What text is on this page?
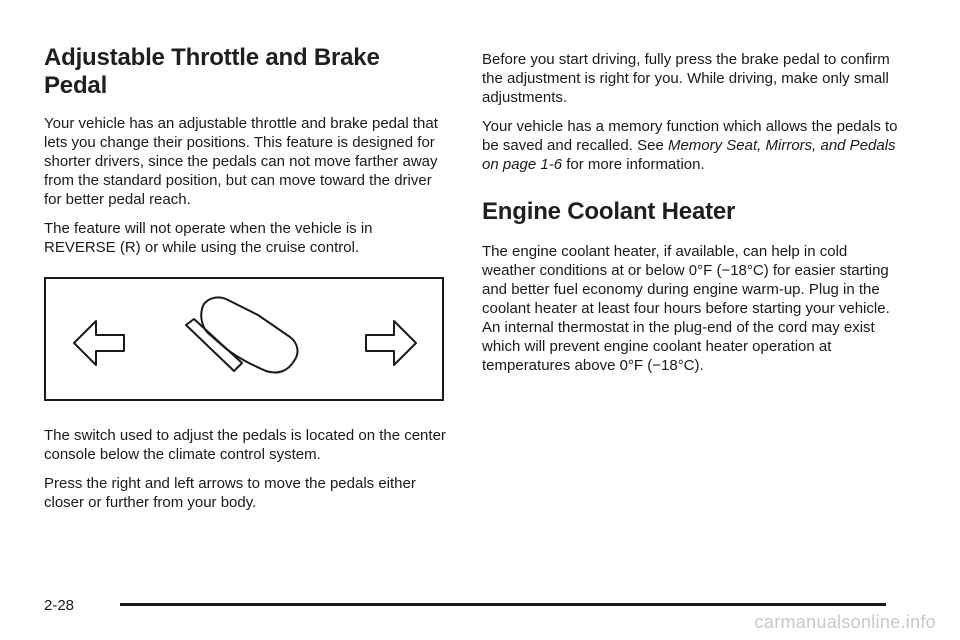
Adjustable Throttle and Brake Pedal

Your vehicle has an adjustable throttle and brake pedal that lets you change their positions. This feature is designed for shorter drivers, since the pedals can not move farther away from the standard position, but can move toward the driver for better pedal reach.

The feature will not operate when the vehicle is in REVERSE (R) or while using the cruise control.

The switch used to adjust the pedals is located on the center console below the climate control system.

Press the right and left arrows to move the pedals either closer or further from your body.

Before you start driving, fully press the brake pedal to confirm the adjustment is right for you. While driving, make only small adjustments.

Your vehicle has a memory function which allows the pedals to be saved and recalled. See Memory Seat, Mirrors, and Pedals on page 1-6 for more information.

Engine Coolant Heater

The engine coolant heater, if available, can help in cold weather conditions at or below 0°F (−18°C) for easier starting and better fuel economy during engine warm-up. Plug in the coolant heater at least four hours before starting your vehicle. An internal thermostat in the plug-end of the cord may exist which will prevent engine coolant heater operation at temperatures above 0°F (−18°C).

2-28
carmanualsonline.info
